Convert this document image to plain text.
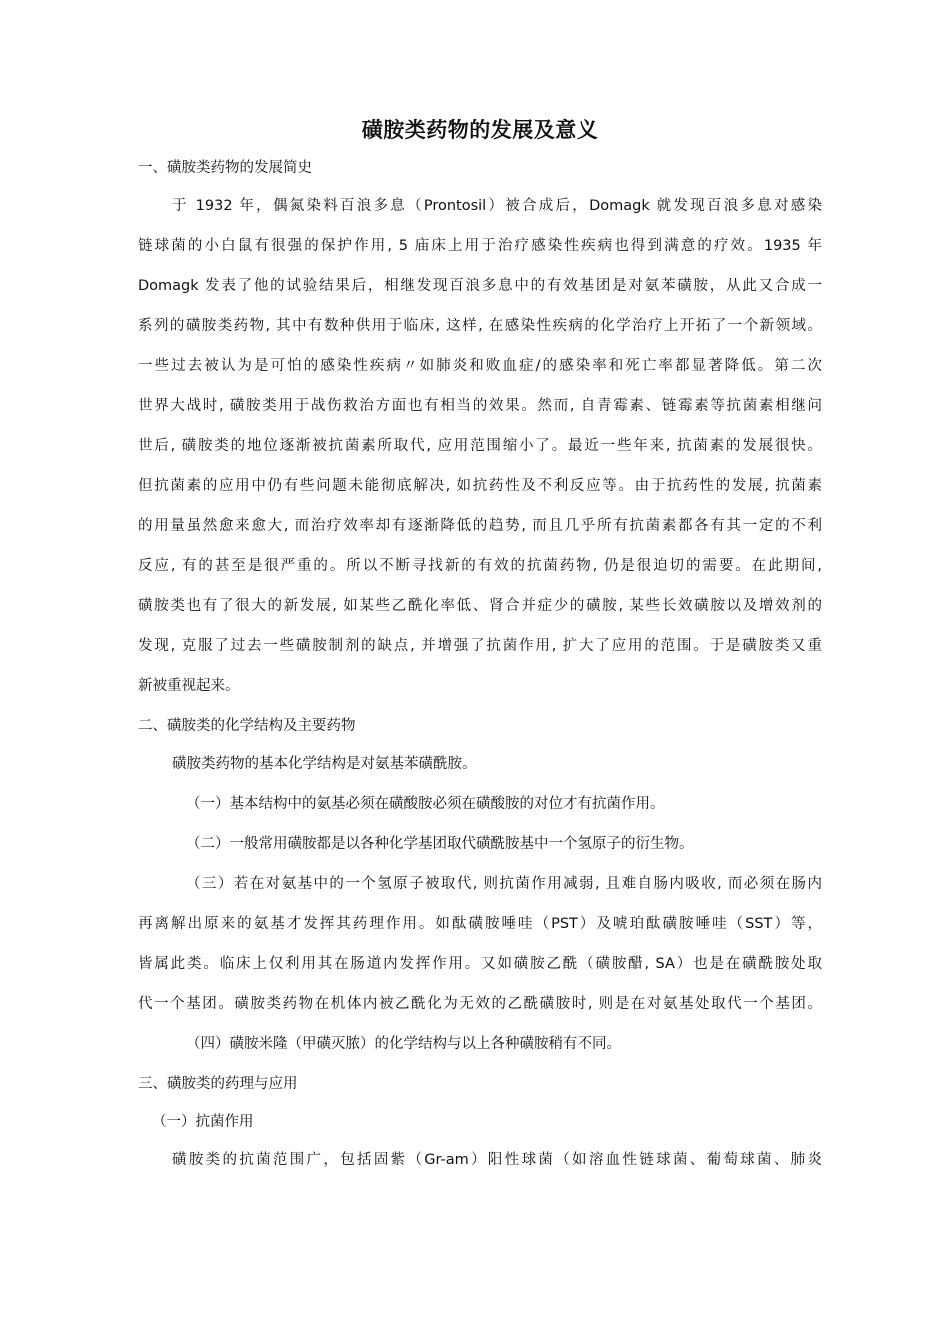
磺胺类药物的发展及意义
一、磺胺类药物的发展简史
于 1932 年，偶氮染料百浪多息（Prontosil）被合成后，Domagk 就发现百浪多息对感染
链球菌的小白鼠有很强的保护作用, 5 庙床上用于治疗感染性疾病也得到满意的疗效。1935 年
Domagk 发表了他的试验结果后，相继发现百浪多息中的有效基团是对氨苯磺胺，从此又合成一
系列的磺胺类药物, 其中有数种供用于临床, 这样, 在感染性疾病的化学治疗上开拓了一个新领域。
一些过去被认为是可怕的感染性疾病〃如肺炎和败血症/的感染率和死亡率都显著降低。第二次
世界大战时, 磺胺类用于战伤救治方面也有相当的效果。然而, 自青霉素、链霉素等抗菌素相继问
世后, 磺胺类的地位逐渐被抗菌素所取代, 应用范围缩小了。最近一些年来, 抗菌素的发展很快。
但抗菌素的应用中仍有些问题未能彻底解决, 如抗药性及不利反应等。由于抗药性的发展, 抗菌素
的用量虽然愈来愈大, 而治疗效率却有逐渐降低的趋势, 而且几乎所有抗菌素都各有其一定的不利
反应, 有的甚至是很严重的。所以不断寻找新的有效的抗菌药物, 仍是很迫切的需要。在此期间,
磺胺类也有了很大的新发展, 如某些乙酰化率低、肾合并症少的磺胺, 某些长效磺胺以及增效剂的
发现, 克服了过去一些磺胺制剂的缺点, 并增强了抗菌作用, 扩大了应用的范围。于是磺胺类又重
新被重视起来。
二、磺胺类的化学结构及主要药物
磺胺类药物的基本化学结构是对氨基苯磺酰胺。
（一）基本结构中的氨基必须在磺酸胺必须在磺酸胺的对位才有抗菌作用。
（二）一般常用磺胺都是以各种化学基团取代磺酰胺基中一个氢原子的衍生物。
（三）若在对氨基中的一个氢原子被取代, 则抗菌作用减弱, 且难自肠内吸收, 而必须在肠内
再离解出原来的氨基才发挥其药理作用。如酞磺胺唾哇（PST）及唬珀酞磺胺唾哇（SST）等，
皆属此类。临床上仅利用其在肠道内发挥作用。又如磺胺乙酰（磺胺醋, SA）也是在磺酰胺处取
代一个基团。磺胺类药物在机体内被乙酰化为无效的乙酰磺胺时, 则是在对氨基处取代一个基团。
（四）磺胺米隆（甲磺灭脓）的化学结构与以上各种磺胺稍有不同。
三、磺胺类的药理与应用
（一）抗菌作用
磺胺类的抗菌范围广，包括固紫（Gr-am）阳性球菌（如溶血性链球菌、葡萄球菌、肺炎
